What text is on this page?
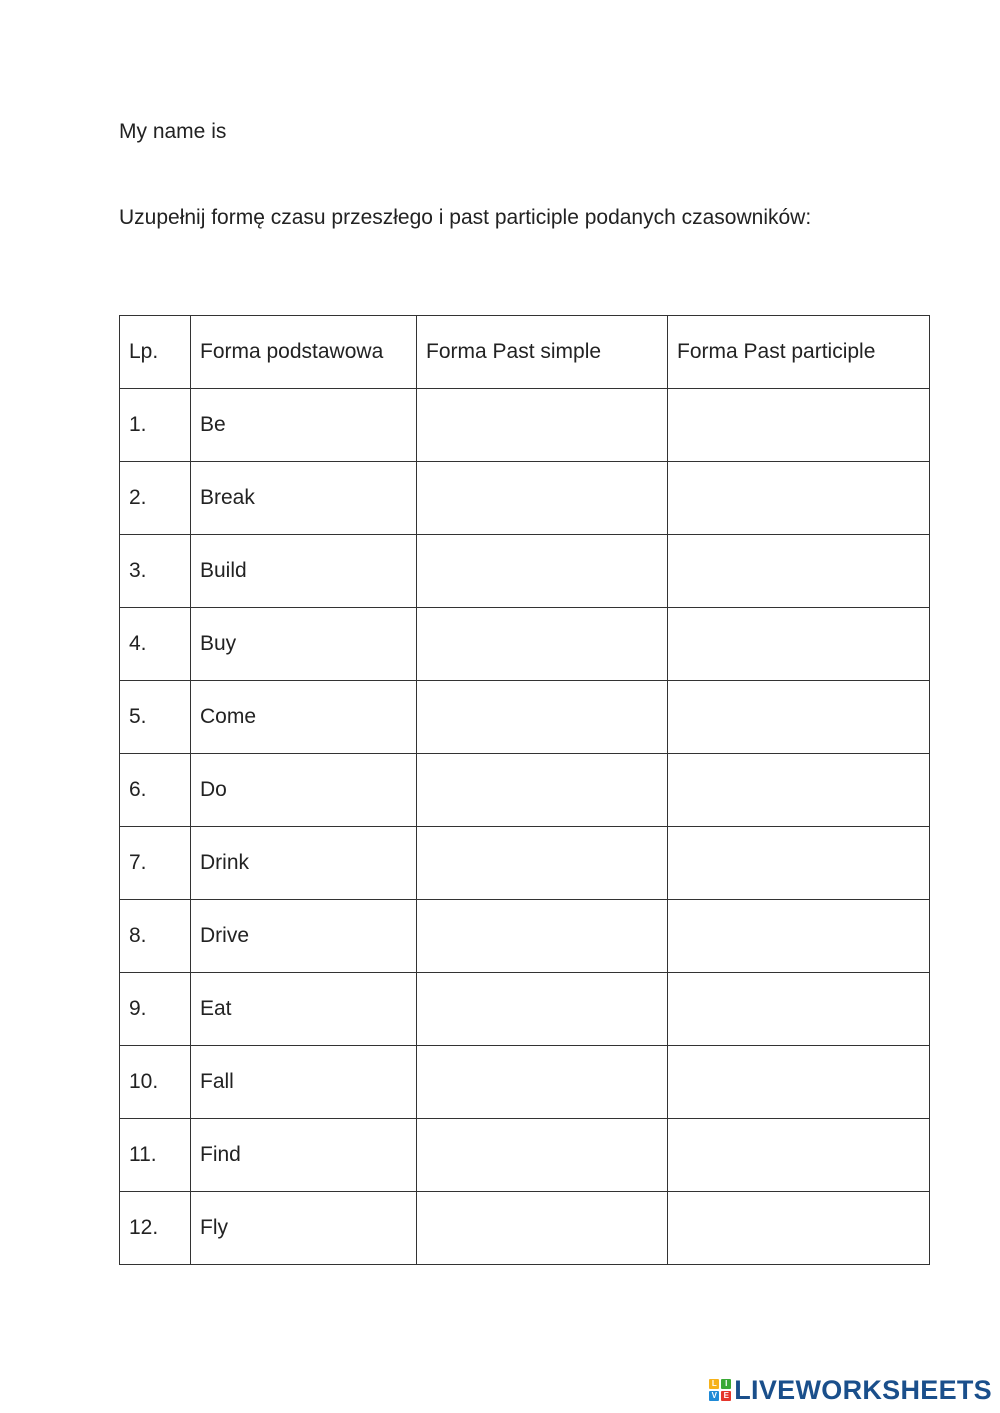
My name is

Uzupełnij formę czasu przeszłego i past participle podanych czasowników:

Lp.	Forma podstawowa	Forma Past simple	Forma Past participle
1.	Be	

2.	Break	

3.	Build	

4.	Buy	

5.	Come	

6.	Do	

7.	Drink	

8.	Drive	

9.	Eat	

10.	Fall	

11.	Find	

12.	Fly	

L	I
V E LIVEWORKSHEETS
